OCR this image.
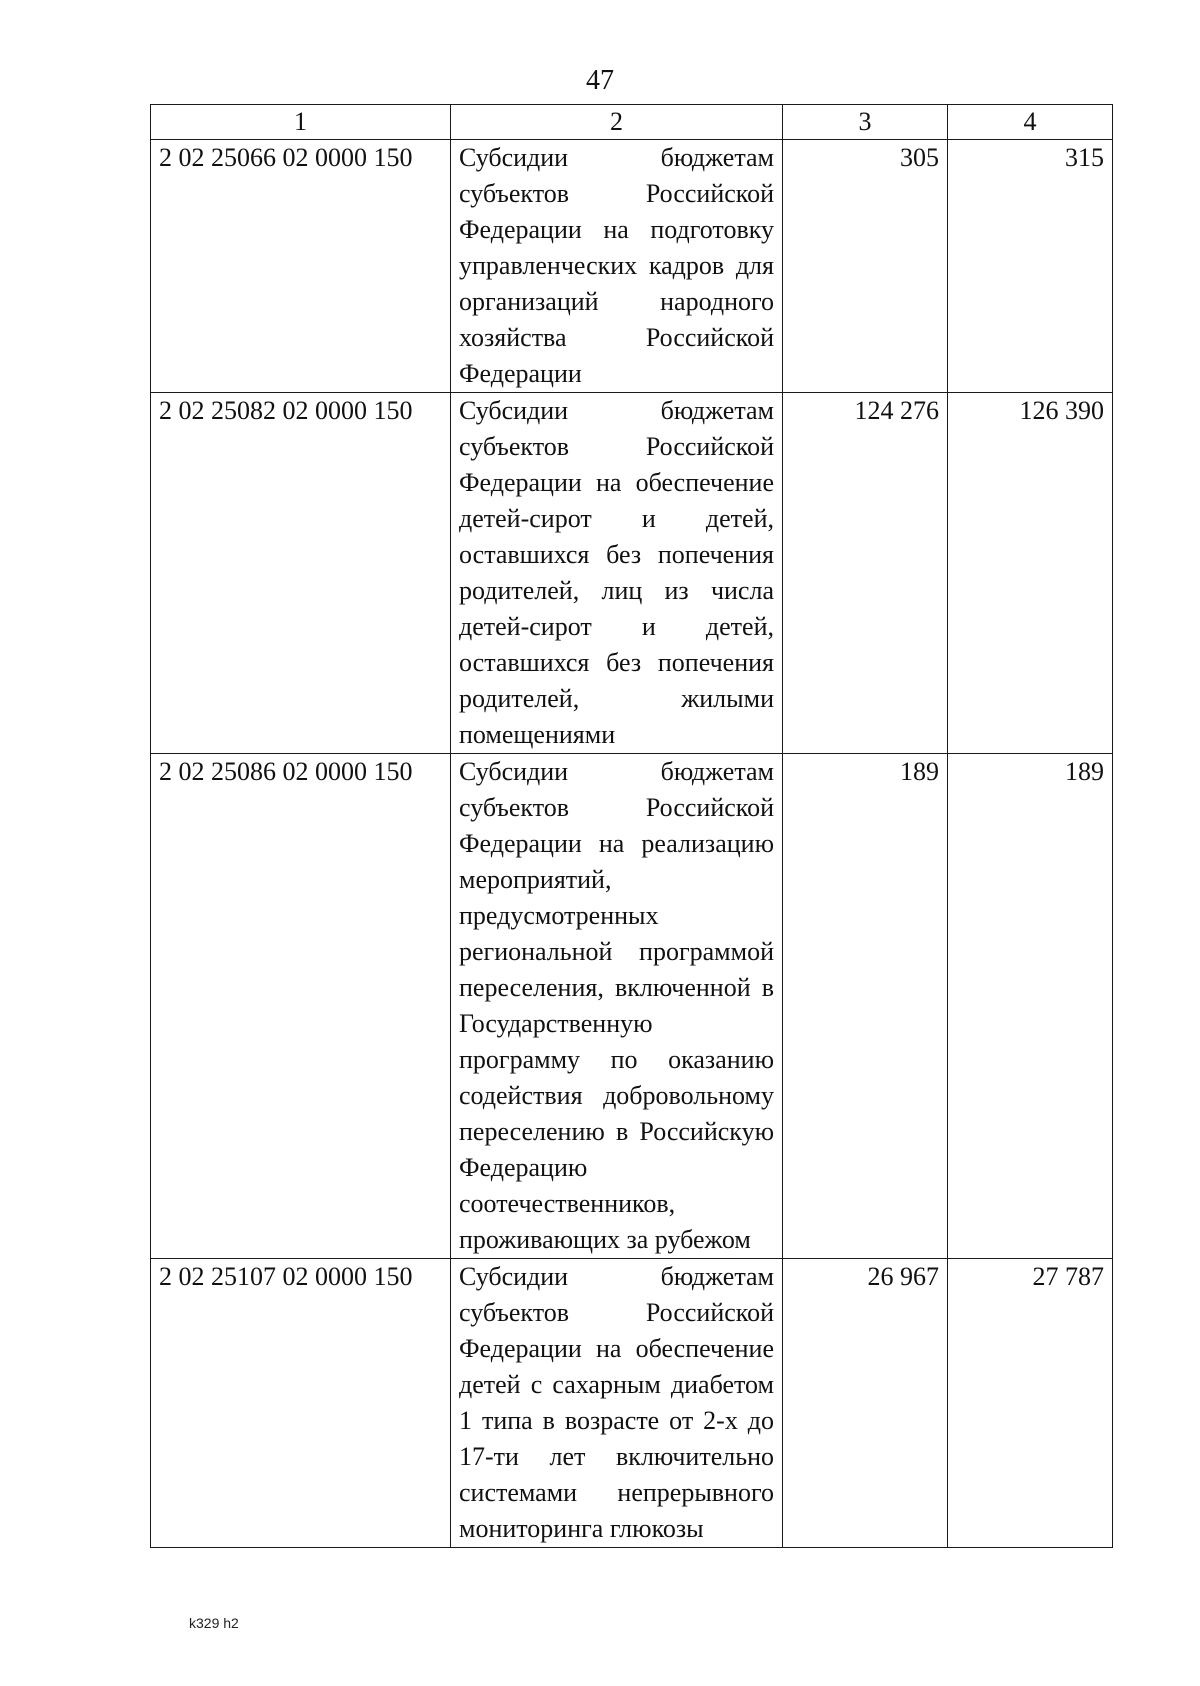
47
1	2	3	4
2 02 25066 02 0000 150	Субсидии бюджетам субъектов Российской Федерации на подготовку управленческих кадров для организаций народного хозяйства Российской Федерации	305	315
2 02 25082 02 0000 150	Субсидии бюджетам субъектов Российской Федерации на обеспечение детей-сирот и детей, оставшихся без попечения родителей, лиц из числа детей-сирот и детей, оставшихся без попечения родителей, жилыми помещениями	124 276	126 390
2 02 25086 02 0000 150	Субсидии бюджетам субъектов Российской Федерации на реализацию мероприятий, предусмотренных региональной программой переселения, включенной в Государственную программу по оказанию содействия добровольному переселению в Российскую Федерацию соотечественников, проживающих за рубежом	189	189
2 02 25107 02 0000 150	Субсидии бюджетам субъектов Российской Федерации на обеспечение детей с сахарным диабетом 1 типа в возрасте от 2-х до 17-ти лет включительно системами непрерывного мониторинга глюкозы	26 967	27 787
k329 h2
